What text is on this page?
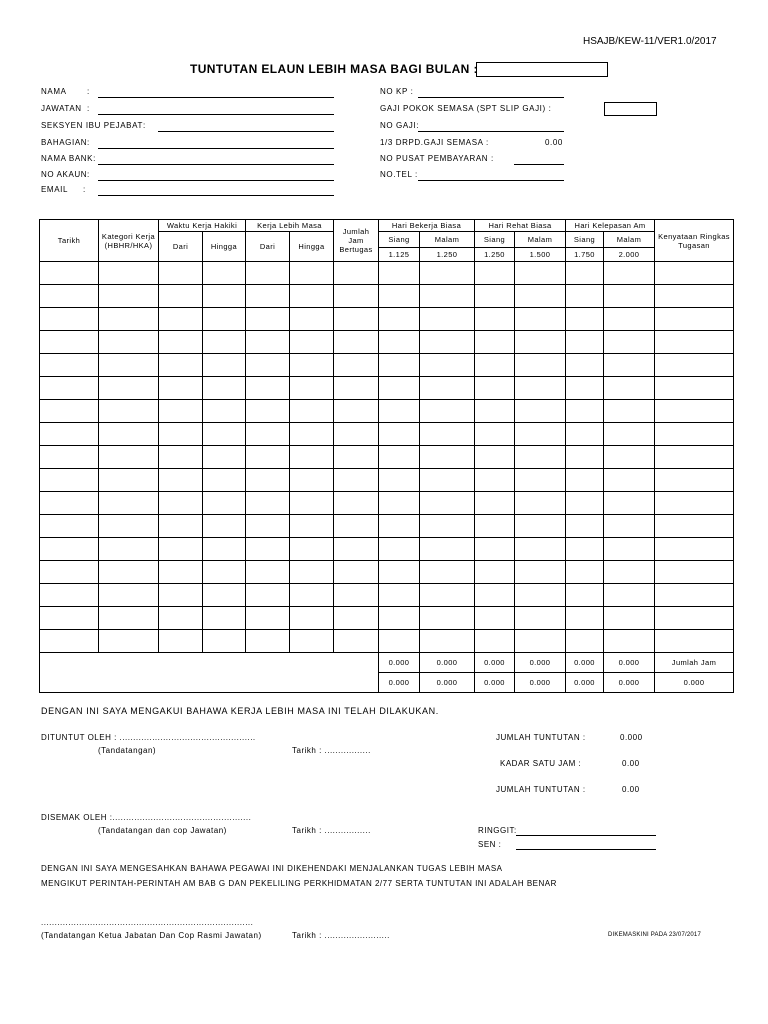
HSAJB/KEW-11/VER1.0/2017
TUNTUTAN ELAUN LEBIH MASA BAGI BULAN :
NAMA	:
JAWATAN :
SEKSYEN IBU PEJABAT :
BAHAGIAN :
NAMA BANK:
NO AKAUN :
EMAIL :
NO KP :
GAJI POKOK SEMASA (SPT SLIP GAJI) :
NO GAJI:
1/3 DRPD.GAJI SEMASA :	0.00
NO PUSAT PEMBAYARAN :
NO.TEL :
Tarikh	Kategori Kerja (HBHR/HKA)	Waktu Kerja Hakiki		Kerja Lebih Masa		Jumlah Jam Bertugas	Hari Bekerja Biasa		Hari Rehat Biasa		Hari Kelepasan Am		Kenyataan Ringkas Tugasan
		Dari	Hingga	Dari	Hingga		Siang	Malam	Siang	Malam	Siang	Malam	
							1.125	1.250	1.250	1.500	1.750	2.000	

							0.000	0.000	0.000	0.000	0.000	0.000	Jumlah Jam
							0.000	0.000	0.000	0.000	0.000	0.000	0.000
DENGAN INI SAYA MENGAKUI BAHAWA KERJA LEBIH MASA INI TELAH DILAKUKAN.
DITUNTUT OLEH : ..................................................
(Tandatangan)	Tarikh : .................
JUMLAH TUNTUTAN :	0.000
KADAR SATU JAM :	0.00
JUMLAH TUNTUTAN :	0.00
DISEMAK OLEH :...................................................
(Tandatangan dan cop Jawatan)	Tarikh : .................	RINGGIT:
SEN :
DENGAN INI SAYA MENGESAHKAN BAHAWA PEGAWAI INI DIKEHENDAKI MENJALANKAN TUGAS LEBIH MASA
MENGIKUT PERINTAH-PERINTAH AM BAB G DAN PEKELILING PERKHIDMATAN 2/77 SERTA TUNTUTAN INI ADALAH BENAR
..............................................................................
(Tandatangan Ketua Jabatan Dan Cop Rasmi Jawatan)	Tarikh : ........................	DIKEMASKINI PADA 23/07/2017
